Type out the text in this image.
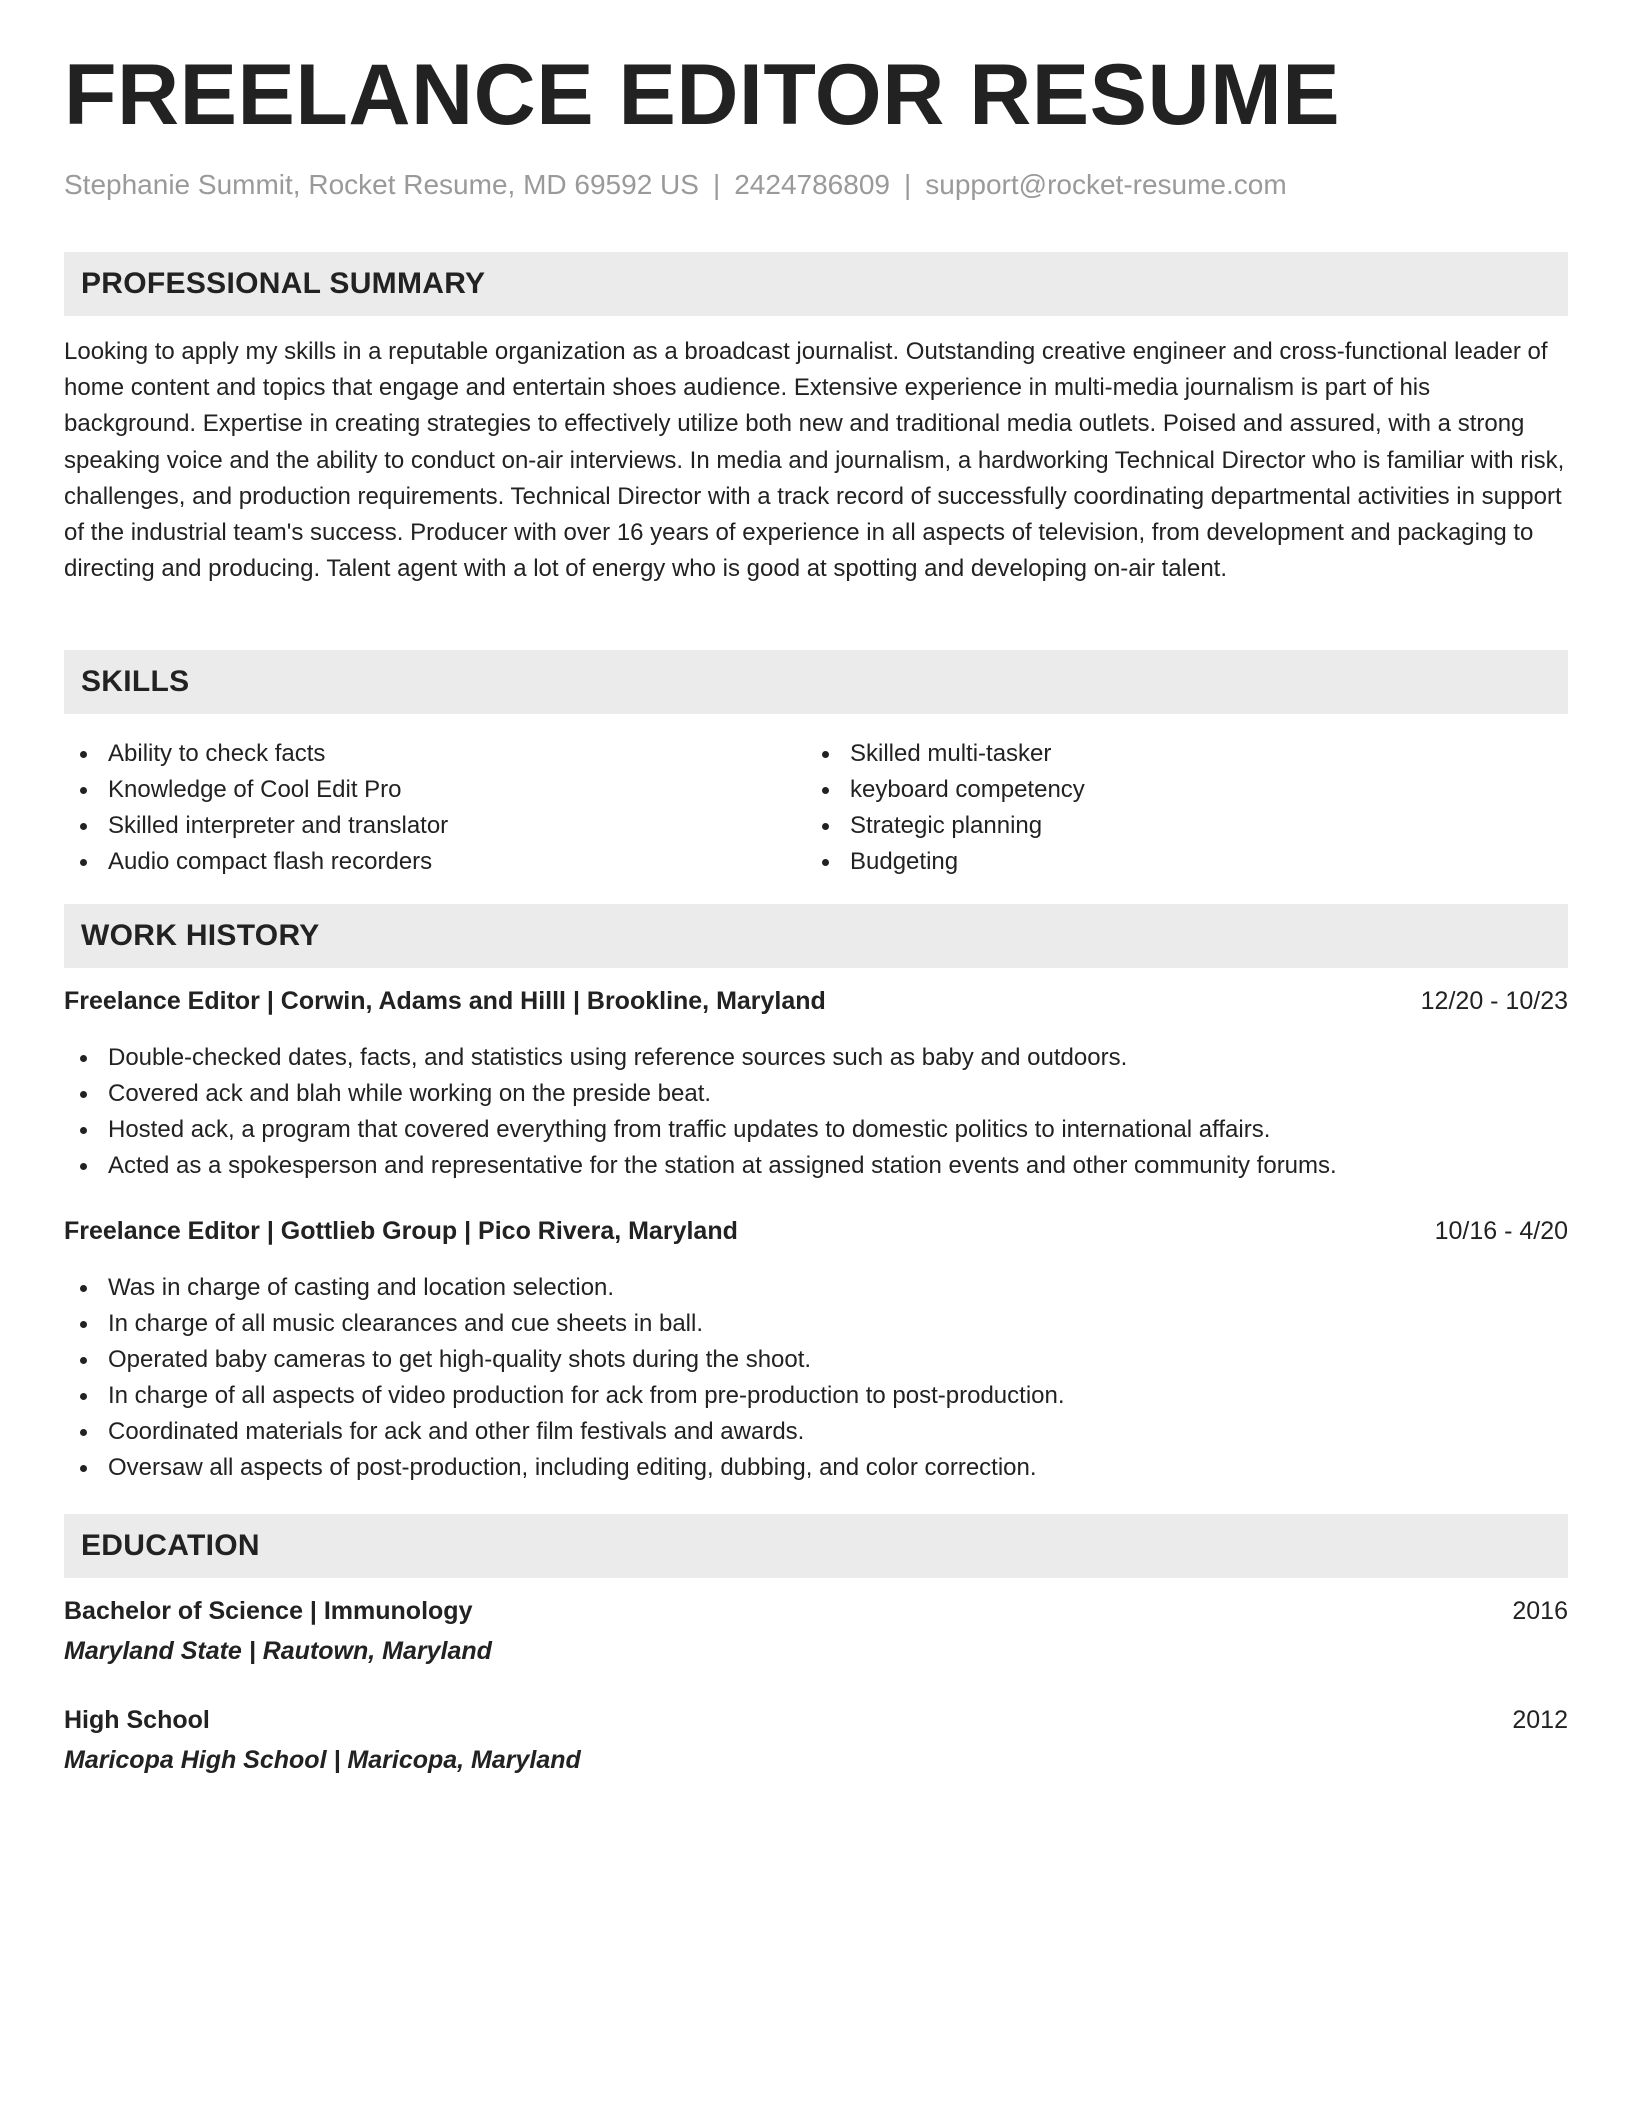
FREELANCE EDITOR RESUME
Stephanie Summit, Rocket Resume, MD 69592 US | 2424786809 | support@rocket-resume.com
PROFESSIONAL SUMMARY

Looking to apply my skills in a reputable organization as a broadcast journalist. Outstanding creative engineer and cross-functional leader of home content and topics that engage and entertain shoes audience. Extensive experience in multi-media journalism is part of his background. Expertise in creating strategies to effectively utilize both new and traditional media outlets. Poised and assured, with a strong speaking voice and the ability to conduct on-air interviews. In media and journalism, a hardworking Technical Director who is familiar with risk, challenges, and production requirements. Technical Director with a track record of successfully coordinating departmental activities in support of the industrial team's success. Producer with over 16 years of experience in all aspects of television, from development and packaging to directing and producing. Talent agent with a lot of energy who is good at spotting and developing on-air talent.

SKILLS
Ability to check facts
Knowledge of Cool Edit Pro
Skilled interpreter and translator
Audio compact flash recorders
Skilled multi-tasker
keyboard competency
Strategic planning
Budgeting
WORK HISTORY
Freelance Editor | Corwin, Adams and Hilll | Brookline, Maryland	12/20 - 10/23
Double-checked dates, facts, and statistics using reference sources such as baby and outdoors.
Covered ack and blah while working on the preside beat.
Hosted ack, a program that covered everything from traffic updates to domestic politics to international affairs.
Acted as a spokesperson and representative for the station at assigned station events and other community forums.
Freelance Editor | Gottlieb Group | Pico Rivera, Maryland	10/16 - 4/20
Was in charge of casting and location selection.
In charge of all music clearances and cue sheets in ball.
Operated baby cameras to get high-quality shots during the shoot.
In charge of all aspects of video production for ack from pre-production to post-production.
Coordinated materials for ack and other film festivals and awards.
Oversaw all aspects of post-production, including editing, dubbing, and color correction.
EDUCATION
Bachelor of Science | Immunology	2016
Maryland State | Rautown, Maryland
High School	2012
Maricopa High School | Maricopa, Maryland
